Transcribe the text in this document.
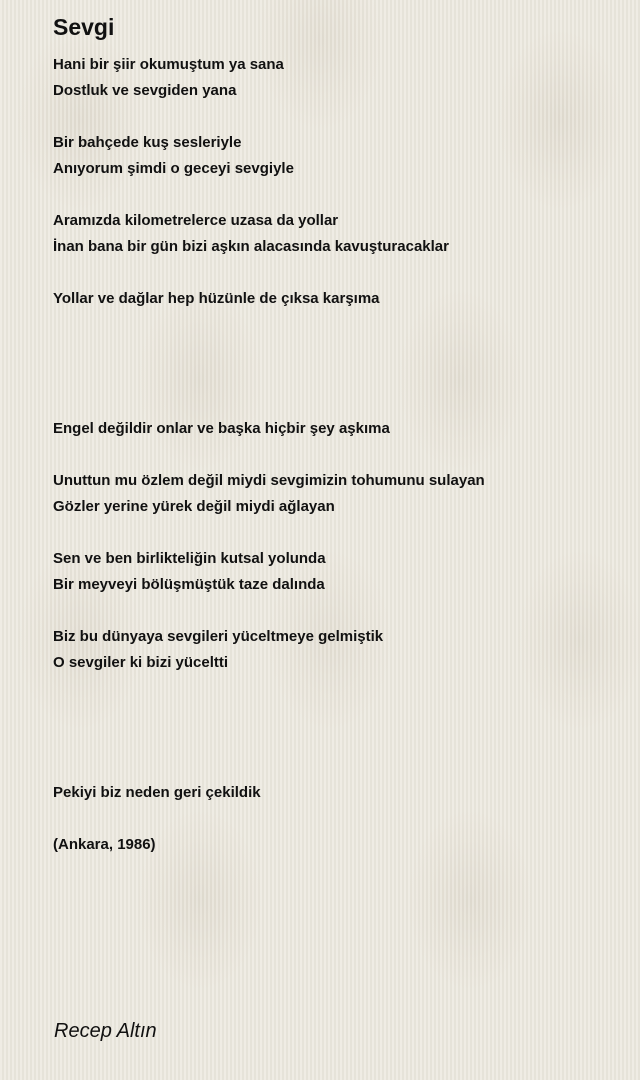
Sevgi
Hani bir şiir okumuştum ya sana
Dostluk ve sevgiden yana
Bir bahçede kuş sesleriyle
Anıyorum şimdi o geceyi sevgiyle
Aramızda kilometrelerce uzasa da yollar
İnan bana bir gün bizi aşkın alacasında kavuşturacaklar
Yollar ve dağlar hep hüzünle de çıksa karşıma
Engel değildir onlar ve başka hiçbir şey aşkıma
Unuttun mu özlem değil miydi sevgimizin tohumunu sulayan
Gözler yerine yürek değil miydi ağlayan
Sen ve ben birlikteliğin kutsal yolunda
Bir meyveyi bölüşmüştük taze dalında
Biz bu dünyaya sevgileri yüceltmeye gelmiştik
O sevgiler ki bizi yüceltti
Pekiyi biz neden geri çekildik
(Ankara, 1986)
Recep Altın
